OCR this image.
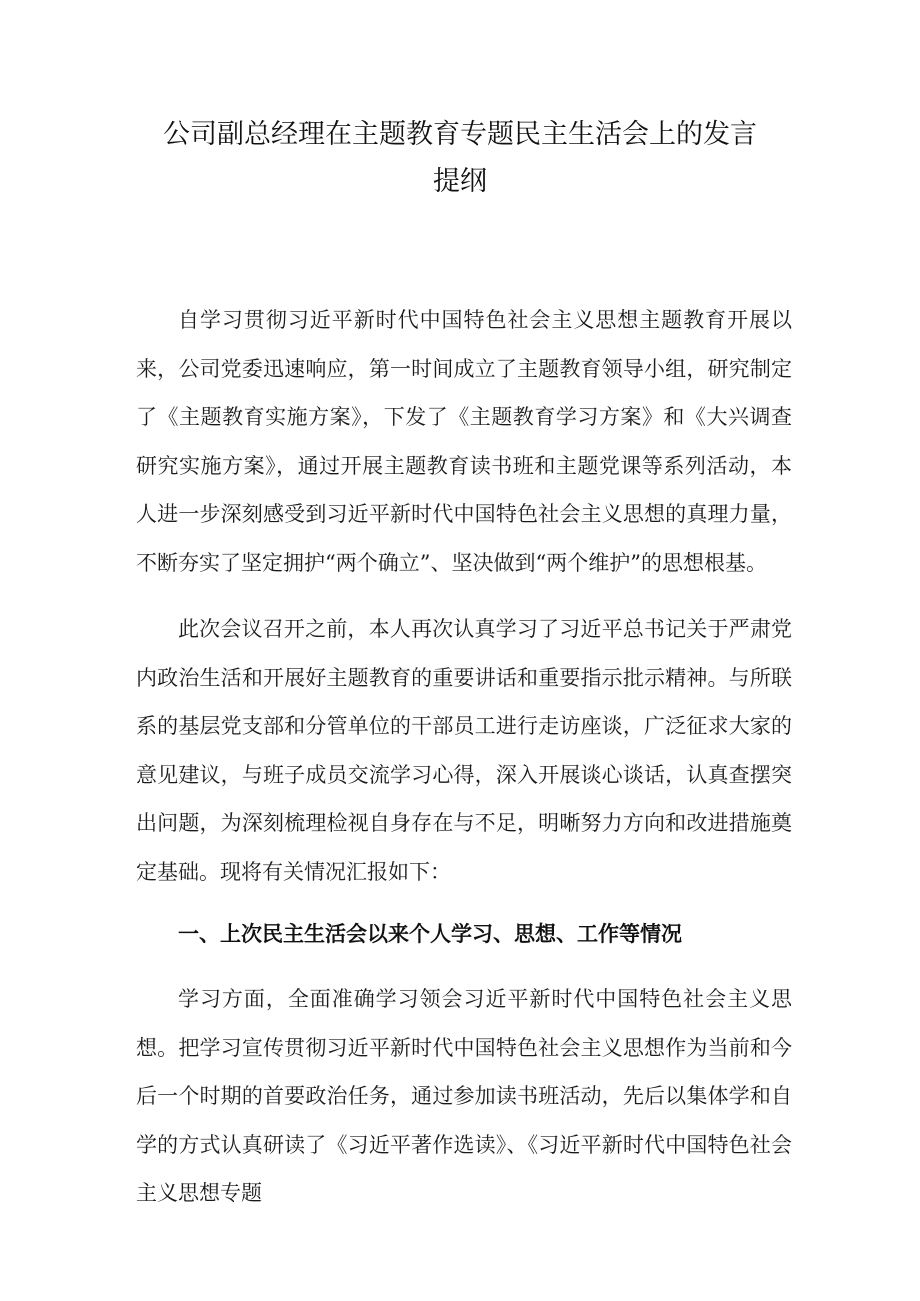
公司副总经理在主题教育专题民主生活会上的发言提纲

自学习贯彻习近平新时代中国特色社会主义思想主题教育开展以来，公司党委迅速响应，第一时间成立了主题教育领导小组，研究制定了《主题教育实施方案》，下发了《主题教育学习方案》和《大兴调查研究实施方案》，通过开展主题教育读书班和主题党课等系列活动，本人进一步深刻感受到习近平新时代中国特色社会主义思想的真理力量，不断夯实了坚定拥护“两个确立”、坚决做到“两个维护”的思想根基。

此次会议召开之前，本人再次认真学习了习近平总书记关于严肃党内政治生活和开展好主题教育的重要讲话和重要指示批示精神。与所联系的基层党支部和分管单位的干部员工进行走访座谈，广泛征求大家的意见建议，与班子成员交流学习心得，深入开展谈心谈话，认真查摆突出问题，为深刻梳理检视自身存在与不足，明晰努力方向和改进措施奠定基础。现将有关情况汇报如下：

一、上次民主生活会以来个人学习、思想、工作等情况

学习方面，全面准确学习领会习近平新时代中国特色社会主义思想。把学习宣传贯彻习近平新时代中国特色社会主义思想作为当前和今后一个时期的首要政治任务，通过参加读书班活动，先后以集体学和自学的方式认真研读了《习近平著作选读》、《习近平新时代中国特色社会主义思想专题
